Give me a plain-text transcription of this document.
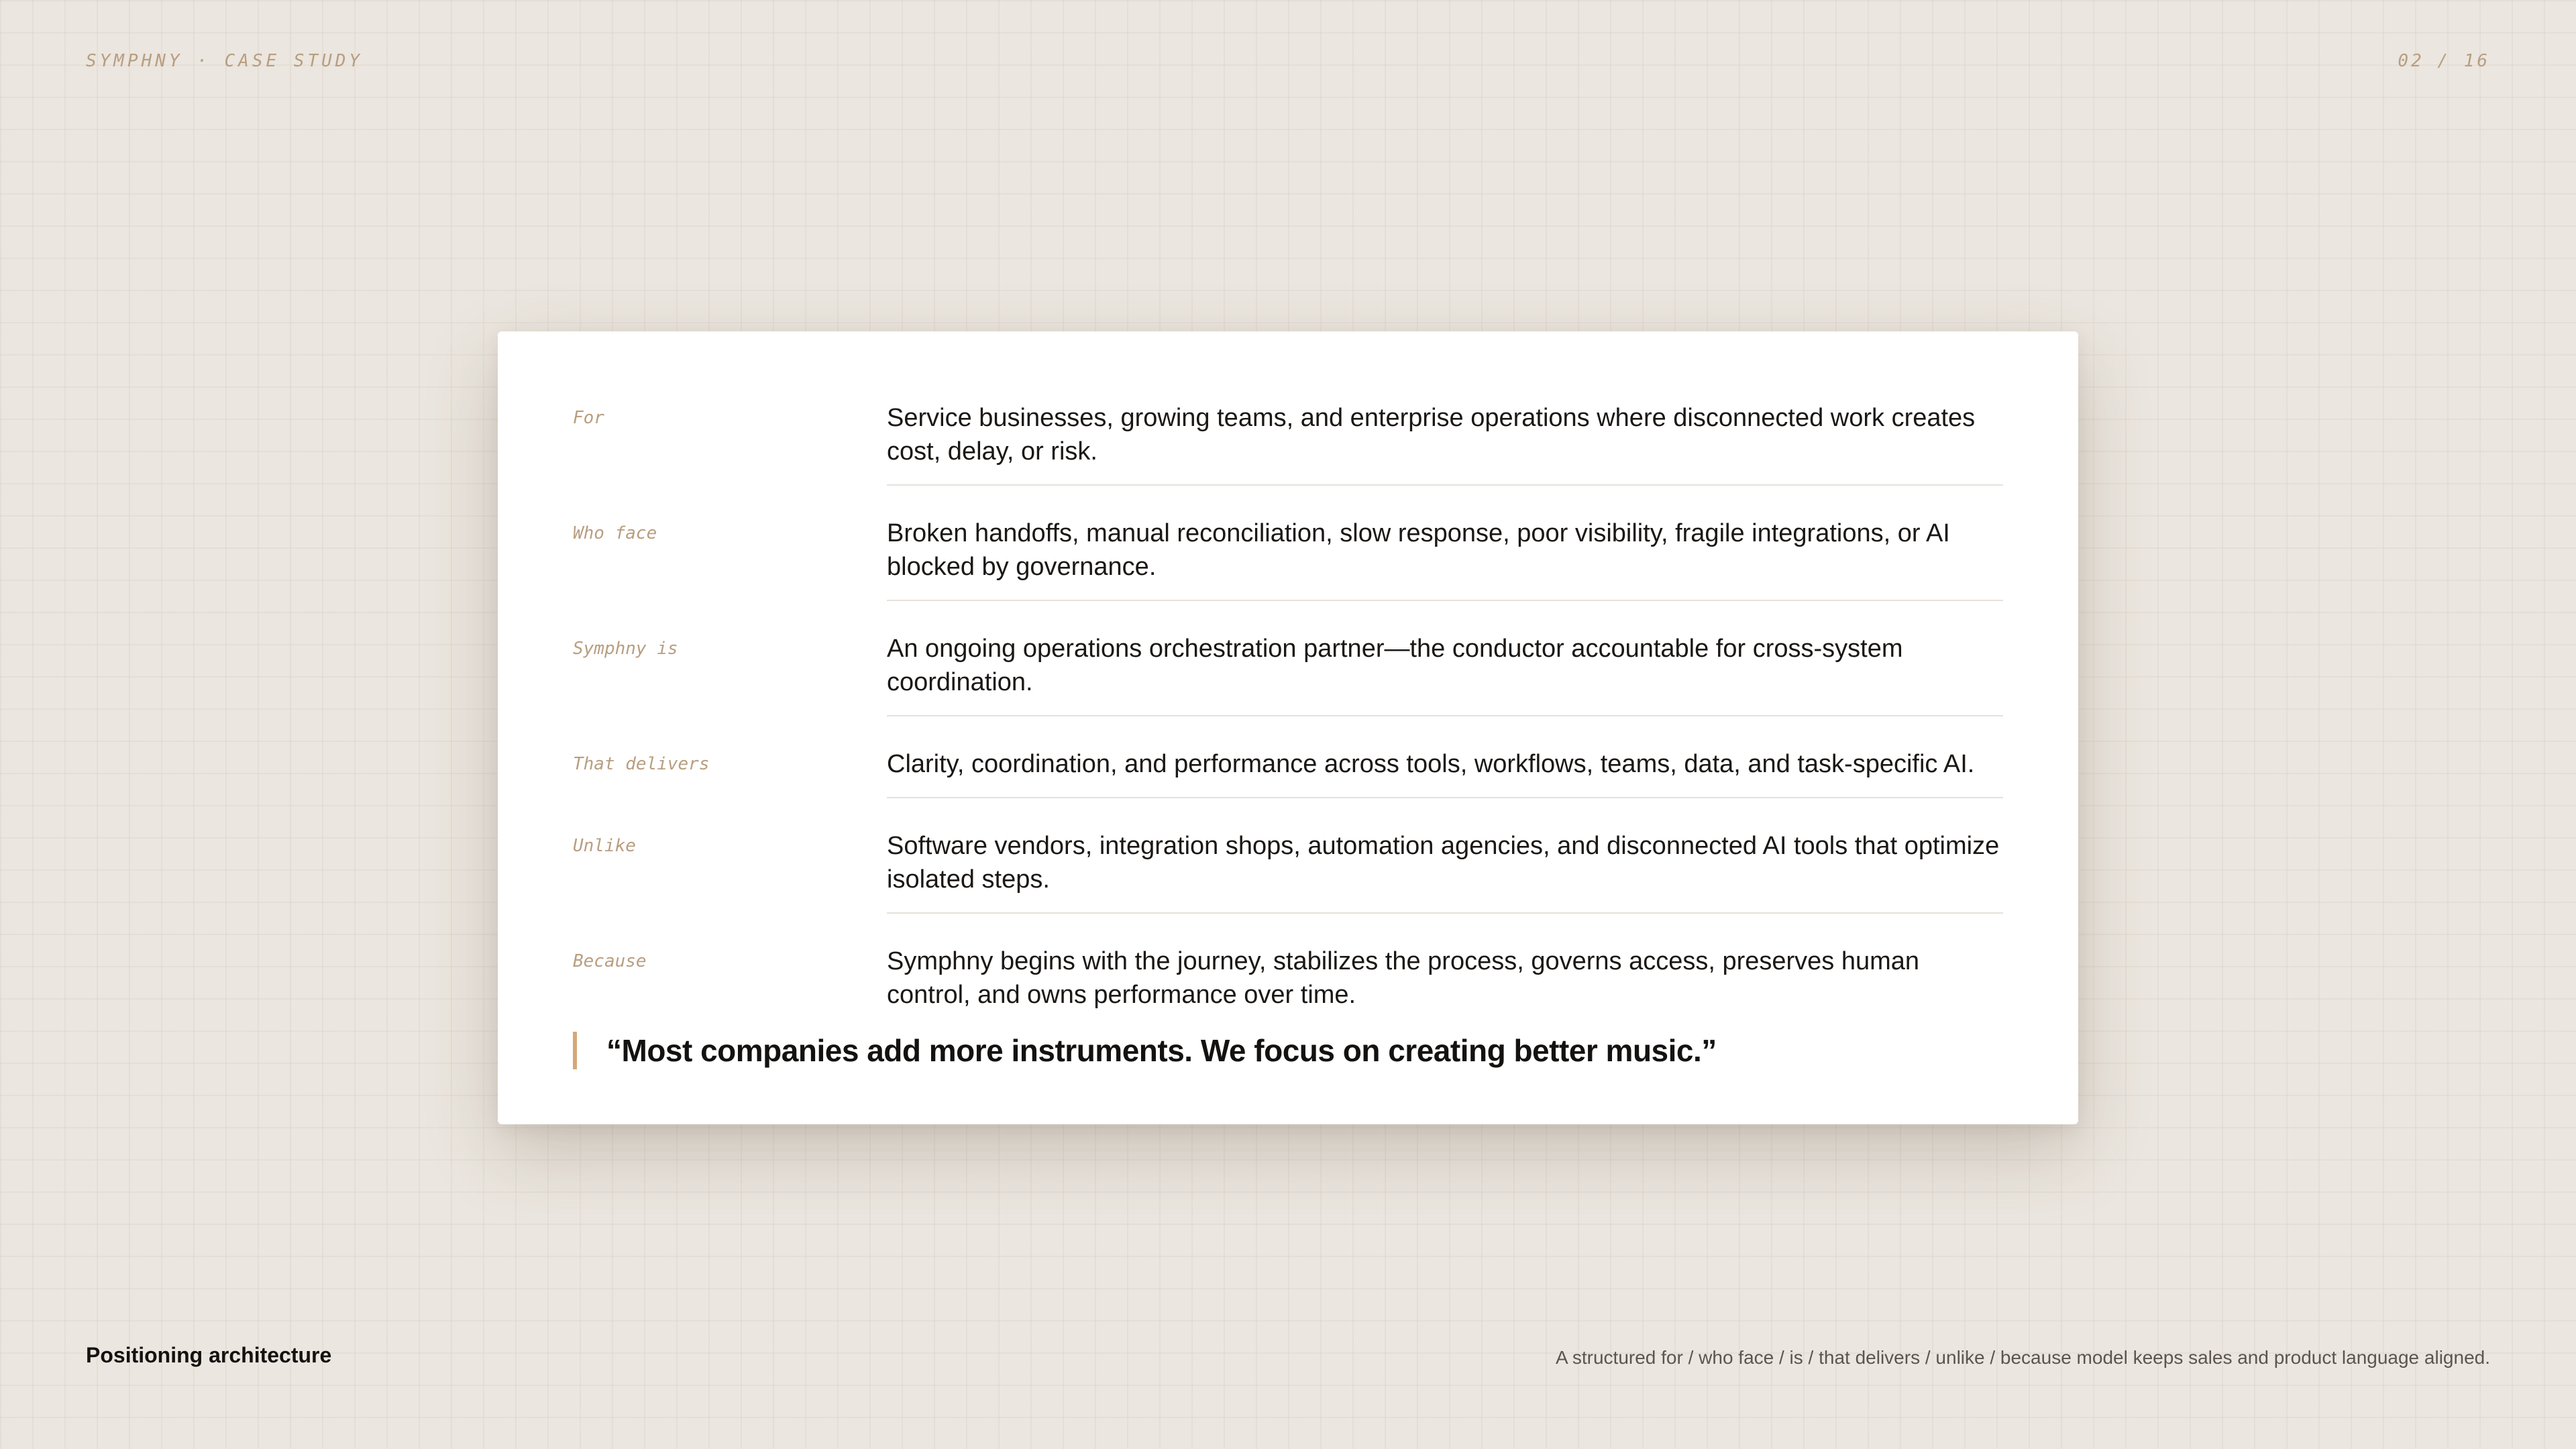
SYMPHNY · CASE STUDY	02 / 16
For	Service businesses, growing teams, and enterprise operations where disconnected work creates cost, delay, or risk.
Who face	Broken handoffs, manual reconciliation, slow response, poor visibility, fragile integrations, or AI blocked by governance.
Symphny is	An ongoing operations orchestration partner—the conductor accountable for cross-system coordination.
That delivers	Clarity, coordination, and performance across tools, workflows, teams, data, and task-specific AI.
Unlike	Software vendors, integration shops, automation agencies, and disconnected AI tools that optimize isolated steps.
Because	Symphny begins with the journey, stabilizes the process, governs access, preserves human control, and owns performance over time.
“Most companies add more instruments. We focus on creating better music.”
Positioning architecture	A structured for / who face / is / that delivers / unlike / because model keeps sales and product language aligned.
